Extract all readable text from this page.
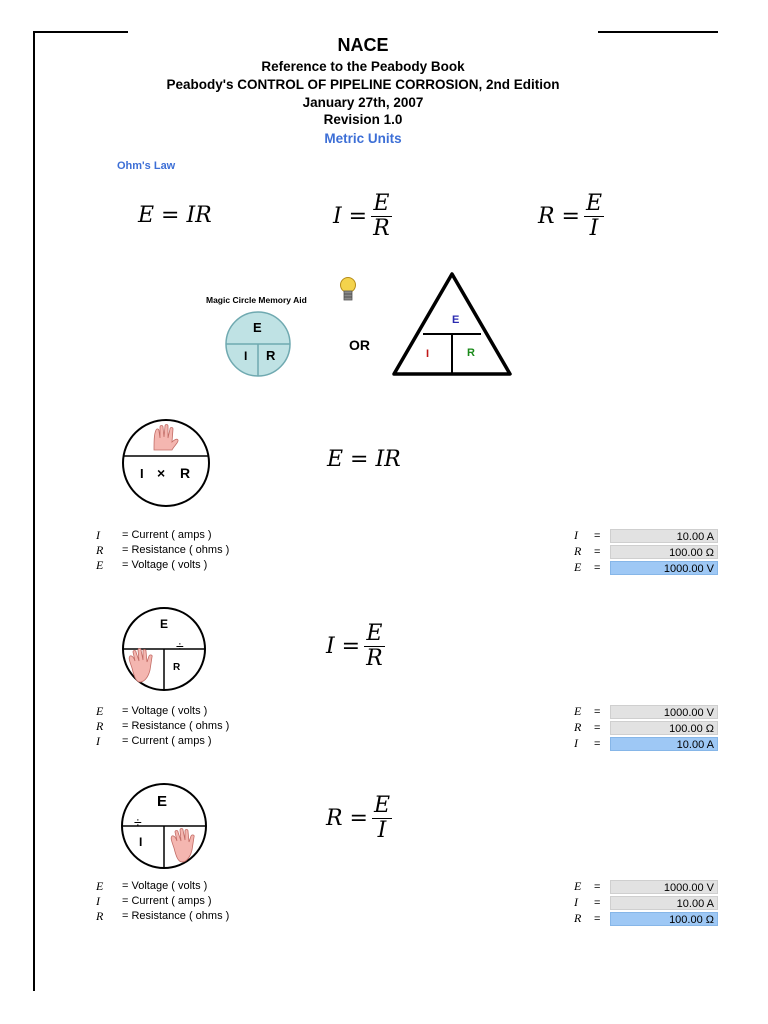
NACE
Reference to the Peabody Book
Peabody's CONTROL OF PIPELINE CORROSION, 2nd Edition
January 27th, 2007
Revision 1.0
Metric Units
Ohm's Law
E = IR	$I = \frac{E}{R}$	$R = \frac{E}{I}$
Magic Circle Memory Aid
E
I R
OR
E
I	R
I × R
E = IR
I	= Current ( amps )
R	= Resistance ( ohms )
E	= Voltage ( volts )
I	=	10.00 A
R	=	100.00 Ω
E	=	1000.00 V
E
÷
R
$I = \frac{E}{R}$
E	= Voltage ( volts )
R	= Resistance ( ohms )
I	= Current ( amps )
E	=	1000.00 V
R	=	100.00 Ω
I	=	10.00 A
E
÷
I
$R = \frac{E}{I}$
E	= Voltage ( volts )
I	= Current ( amps )
R	= Resistance ( ohms )
E	=	1000.00 V
I	=	10.00 A
R	=	100.00 Ω
